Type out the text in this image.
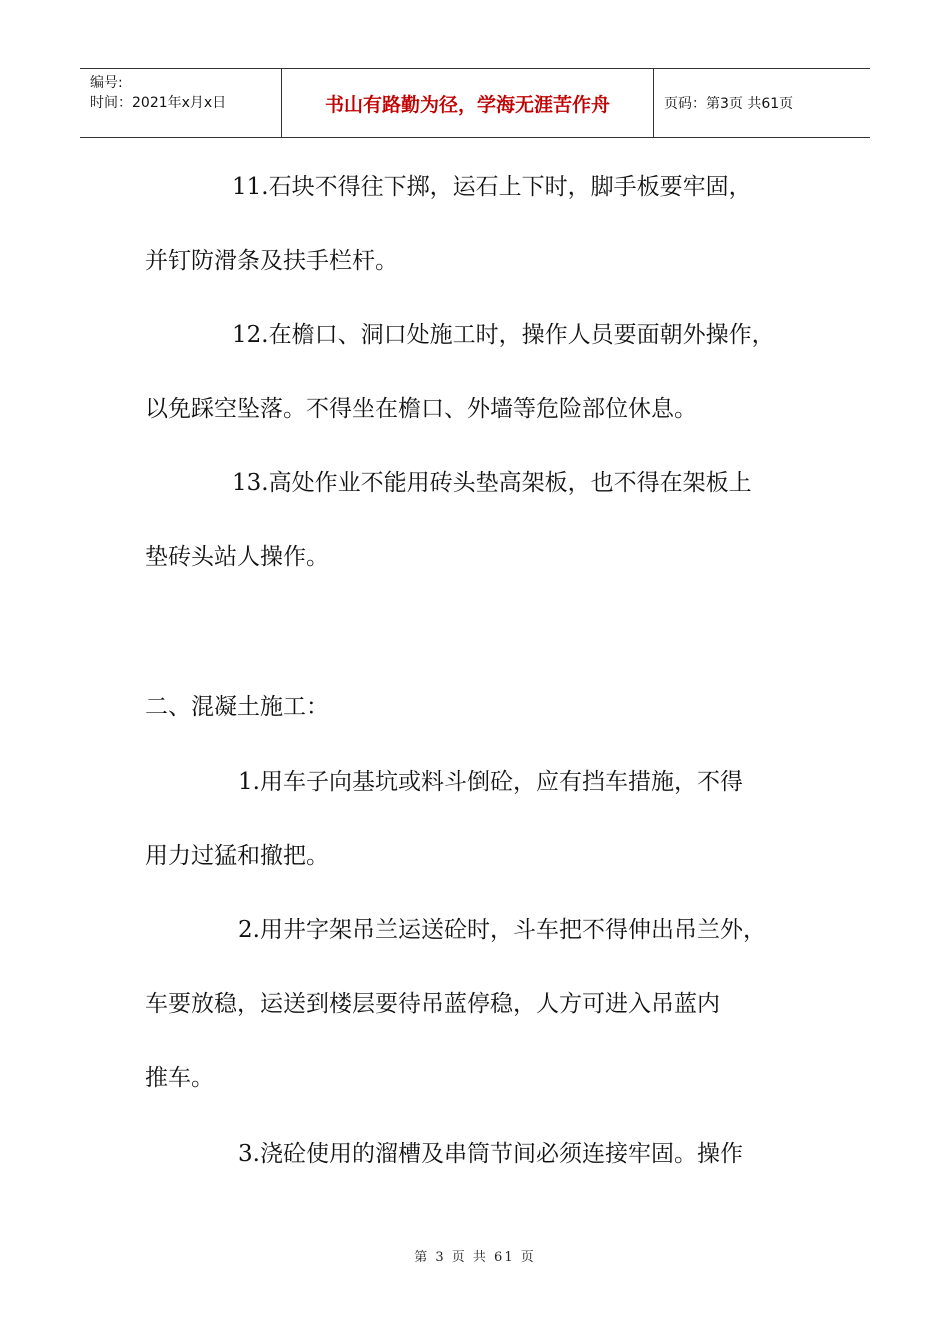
编号:
时间：2021年x月x日	书山有路勤为径，学海无涯苦作舟	页码：第3页 共61页

11.石块不得往下掷，运石上下时，脚手板要牢固，

并钉防滑条及扶手栏杆。

12.在檐口、洞口处施工时，操作人员要面朝外操作，

以免踩空坠落。不得坐在檐口、外墙等危险部位休息。

13.高处作业不能用砖头垫高架板，也不得在架板上

垫砖头站人操作。

二、混凝土施工：

1.用车子向基坑或料斗倒砼，应有挡车措施，不得

用力过猛和撤把。

2.用井字架吊兰运送砼时，斗车把不得伸出吊兰外，

车要放稳，运送到楼层要待吊蓝停稳，人方可进入吊蓝内

推车。

3.浇砼使用的溜槽及串筒节间必须连接牢固。操作

第 3 页 共 61 页
